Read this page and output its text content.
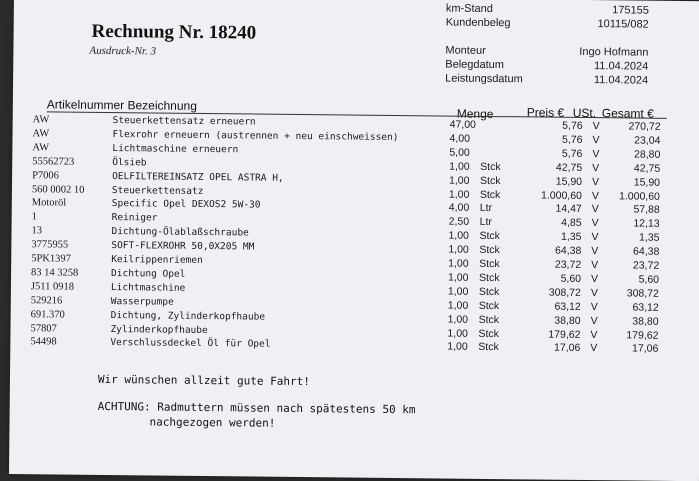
Rechnung Nr. 18240
Ausdruck-Nr. 3
km-Stand	175155
Kundenbeleg	10115/082
Monteur	Ingo Hofmann
Belegdatum	11.04.2024
Leistungsdatum	11.04.2024
Artikelnummer Bezeichnung
Menge	Preis € USt. Gesamt €
AW	Steuerkettensatz erneuern	47,00	5,76 V	270,72
AW	Flexrohr erneuern (austrennen + neu einschweissen)	4,00	5,76 V	23,04
AW	Lichtmaschine erneuern	5,00	5,76 V	28,80
55562723	Ölsieb	1,00 Stck	42,75 V	42,75
P7006	OELFILTEREINSATZ OPEL ASTRA H,	1,00 Stck	15,90 V	15,90
560 0002 10	Steuerkettensatz	1,00 Stck	1.000,60 V	1.000,60
Motoröl	Specific Opel DEXOS2 5W-30	4,00 Ltr	14,47 V	57,88
1	Reiniger	2,50 Ltr	4,85 V	12,13
13	Dichtung-Ölablaßschraube	1,00 Stck	1,35 V	1,35
3775955	SOFT-FLEXROHR 50,0X205 MM	1,00 Stck	64,38 V	64,38
5PK1397	Keilrippenriemen	1,00 Stck	23,72 V	23,72
83 14 3258	Dichtung Opel	1,00 Stck	5,60 V	5,60
J511 0918	Lichtmaschine	1,00 Stck	308,72 V	308,72
529216	Wasserpumpe	1,00 Stck	63,12 V	63,12
691.370	Dichtung, Zylinderkopfhaube	1,00 Stck	38,80 V	38,80
57807	Zylinderkopfhaube	1,00 Stck	179,62 V	179,62
54498	Verschlussdeckel Öl für Opel	1,00 Stck	17,06 V	17,06
Wir wünschen allzeit gute Fahrt!
ACHTUNG: Radmuttern müssen nach spätestens 50 km
nachgezogen werden!
